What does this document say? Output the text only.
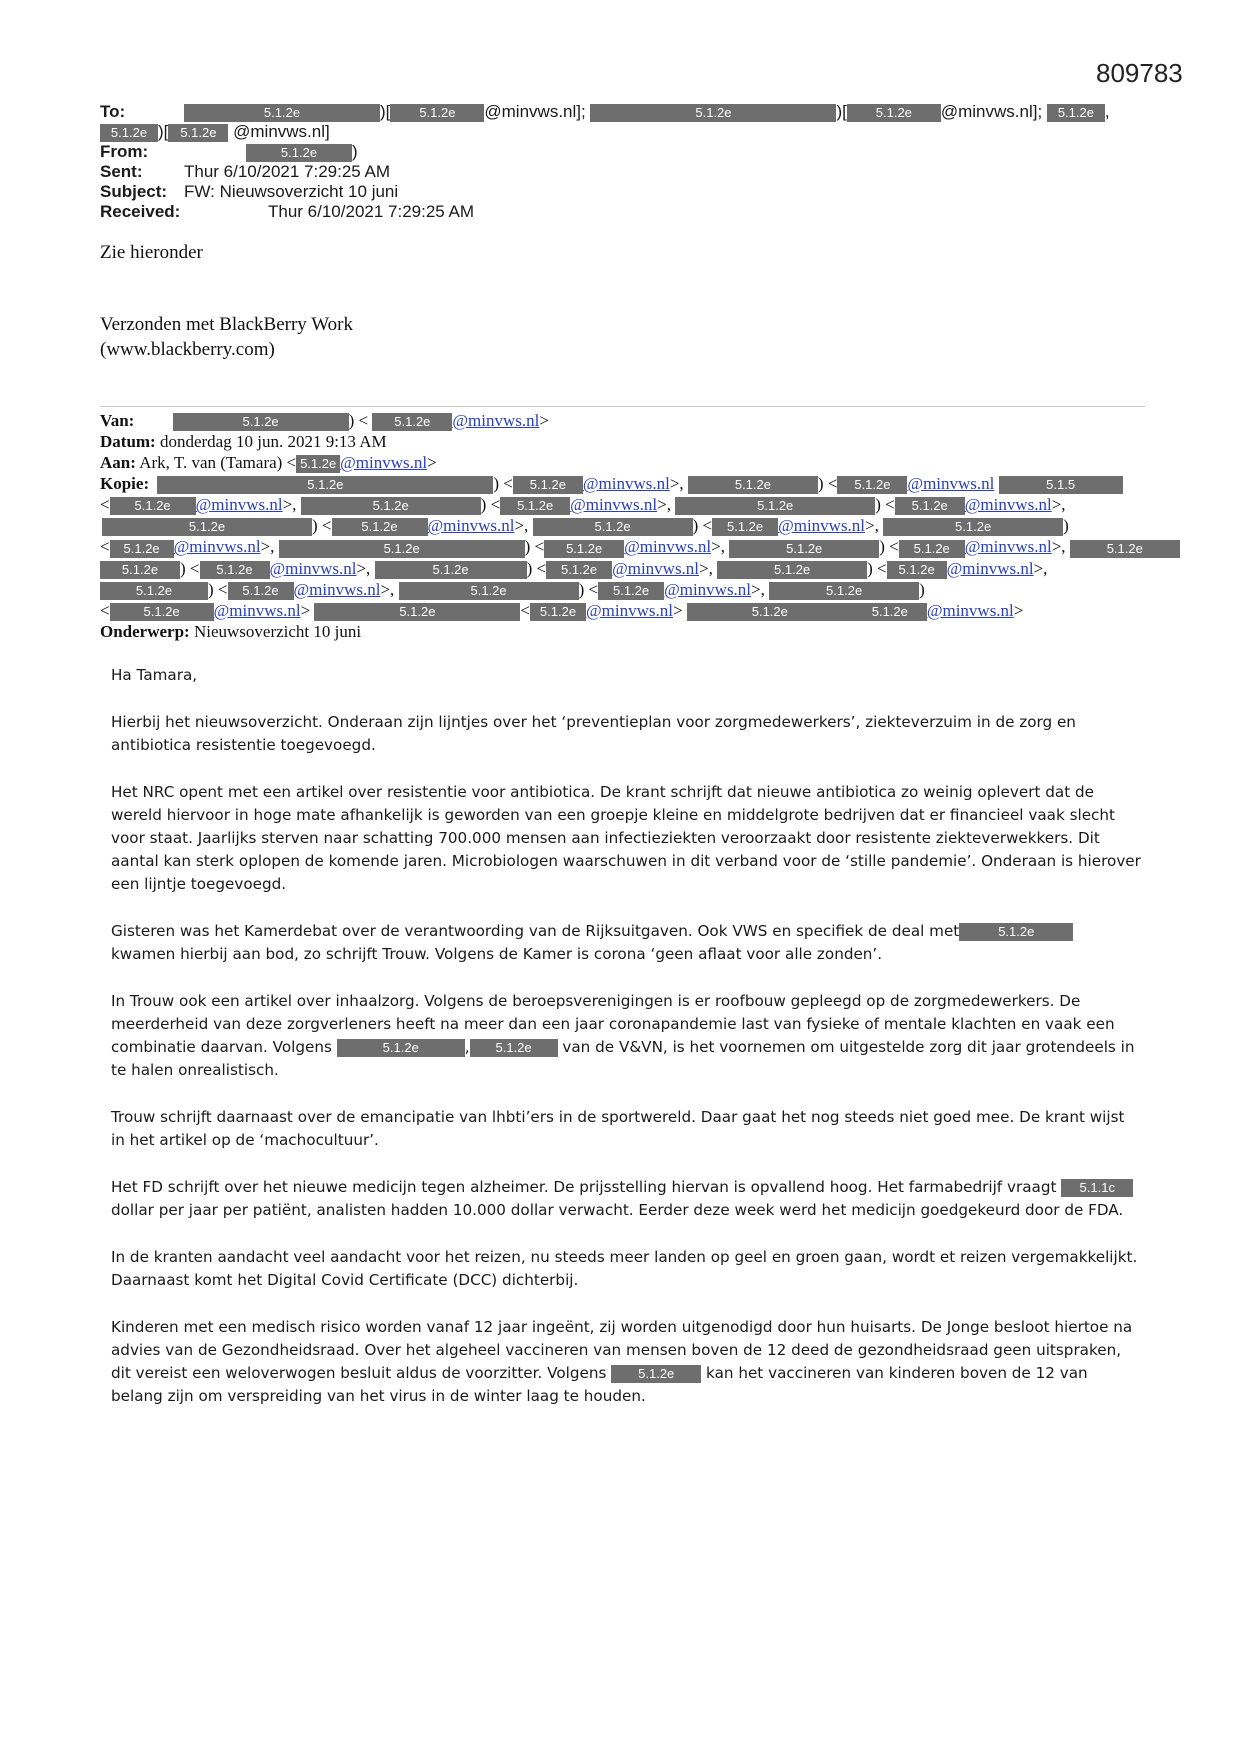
809783
To:	5.1.2e	)[ 5.1.2e @minvws.nl];	5.1.2e	)[ 5.1.2e @minvws.nl]; 5.1.2e ,
5.1.2e )[ 5.1.2e @minvws.nl]
From:	5.1.2e )
Sent: Thur 6/10/2021 7:29:25 AM
Subject: FW: Nieuwsoverzicht 10 juni
Received:	Thur 6/10/2021 7:29:25 AM
Zie hieronder
Verzonden met BlackBerry Work
(www.blackberry.com)
Van:	5.1.2e	) < 5.1.2e @minvws.nl>
Datum: donderdag 10 jun. 2021 9:13 AM
Aan: Ark, T. van (Tamara) < 5.1.2e @minvws.nl>
Kopie:	5.1.2e	) < 5.1.2e @minvws.nl>,	5.1.2e	) < 5.1.2e @minvws.nl	5.1.5
< 5.1.2e @minvws.nl>,	5.1.2e	) < 5.1.2e @minvws.nl>,	5.1.2e	) < 5.1.2e @minvws.nl>,
5.1.2e	) < 5.1.2e @minvws.nl>,	5.1.2e	) < 5.1.2e @minvws.nl>,	5.1.2e	)
< 5.1.2e @minvws.nl>,	5.1.2e	) < 5.1.2e @minvws.nl>,	5.1.2e	) < 5.1.2e @minvws.nl>,	5.1.2e
5.1.2e ) < 5.1.2e @minvws.nl>,	5.1.2e	) < 5.1.2e @minvws.nl>,	5.1.2e	) < 5.1.2e @minvws.nl>,
5.1.2e ) < 5.1.2e @minvws.nl>,	5.1.2e	) < 5.1.2e @minvws.nl>,	5.1.2e	)
<	5.1.2e @minvws.nl>	5.1.2e	< 5.1.2e @minvws.nl>	5.1.2e	5.1.2e @minvws.nl>
Onderwerp: Nieuwsoverzicht 10 juni

Ha Tamara,

Hierbij het nieuwsoverzicht. Onderaan zijn lijntjes over het ‘preventieplan voor zorgmedewerkers’, ziekteverzuim in de zorg en antibiotica resistentie toegevoegd.

Het NRC opent met een artikel over resistentie voor antibiotica. De krant schrijft dat nieuwe antibiotica zo weinig oplevert dat de wereld hiervoor in hoge mate afhankelijk is geworden van een groepje kleine en middelgrote bedrijven dat er financieel vaak slecht voor staat. Jaarlijks sterven naar schatting 700.000 mensen aan infectieziekten veroorzaakt door resistente ziekteverwekkers. Dit aantal kan sterk oplopen de komende jaren. Microbiologen waarschuwen in dit verband voor de ‘stille pandemie’. Onderaan is hierover een lijntje toegevoegd.

Gisteren was het Kamerdebat over de verantwoording van de Rijksuitgaven. Ook VWS en specifiek de deal met	5.1.2e kwamen hierbij aan bod, zo schrijft Trouw. Volgens de Kamer is corona ‘geen aflaat voor alle zonden’.

In Trouw ook een artikel over inhaalzorg. Volgens de beroepsverenigingen is er roofbouw gepleegd op de zorgmedewerkers. De meerderheid van deze zorgverleners heeft na meer dan een jaar coronapandemie last van fysieke of mentale klachten en vaak een combinatie daarvan. Volgens	5.1.2e	, 5.1.2e van de V&VN, is het voornemen om uitgestelde zorg dit jaar grotendeels in te halen onrealistisch.

Trouw schrijft daarnaast over de emancipatie van lhbti’ers in de sportwereld. Daar gaat het nog steeds niet goed mee. De krant wijst in het artikel op de ‘machocultuur’.

Het FD schrijft over het nieuwe medicijn tegen alzheimer. De prijsstelling hiervan is opvallend hoog. Het farmabedrijf vraagt 5.1.1c dollar per jaar per patiënt, analisten hadden 10.000 dollar verwacht. Eerder deze week werd het medicijn goedgekeurd door de FDA.

In de kranten aandacht veel aandacht voor het reizen, nu steeds meer landen op geel en groen gaan, wordt et reizen vergemakkelijkt. Daarnaast komt het Digital Covid Certificate (DCC) dichterbij.

Kinderen met een medisch risico worden vanaf 12 jaar ingeënt, zij worden uitgenodigd door hun huisarts. De Jonge besloot hiertoe na advies van de Gezondheidsraad. Over het algeheel vaccineren van mensen boven de 12 deed de gezondheidsraad geen uitspraken, dit vereist een weloverwogen besluit aldus de voorzitter. Volgens 5.1.2e kan het vaccineren van kinderen boven de 12 van belang zijn om verspreiding van het virus in de winter laag te houden.
